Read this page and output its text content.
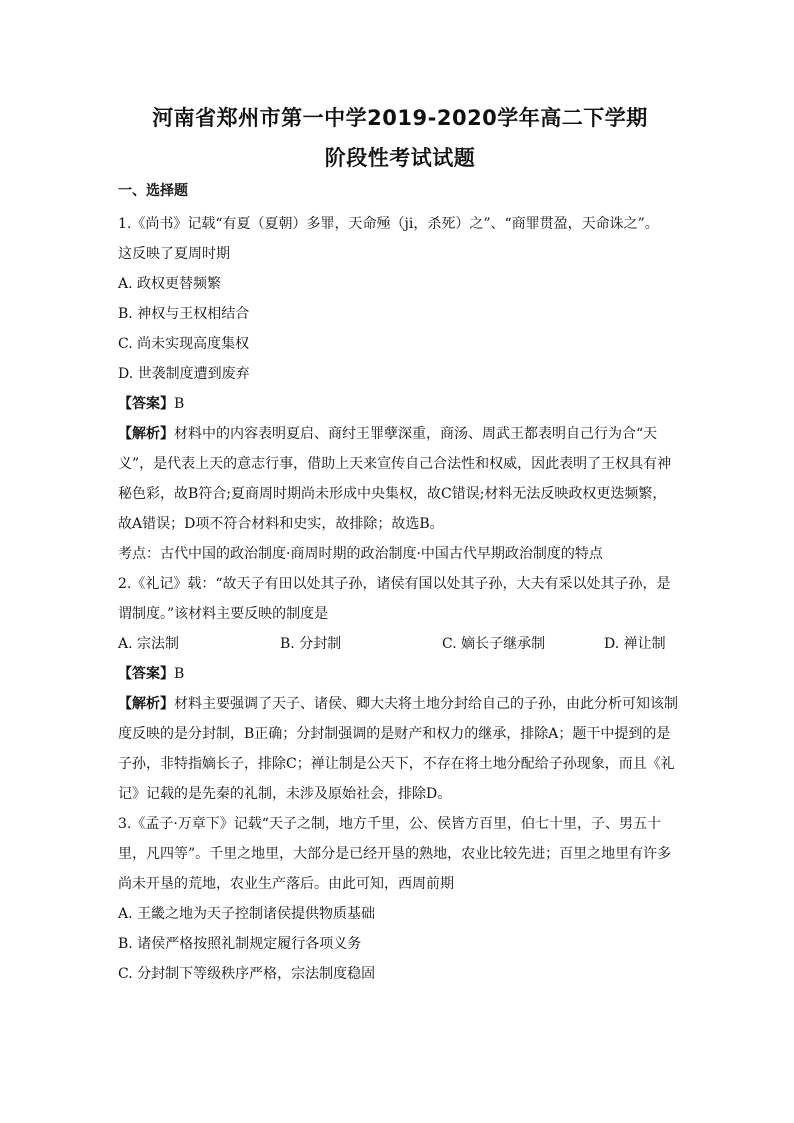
河南省郑州市第一中学2019-2020学年高二下学期
阶段性考试试题
一、选择题

1.《尚书》记载“有夏（夏朝）多罪，天命殛（ji，杀死）之”、“商罪贯盈，天命诛之”。

这反映了夏周时期

A. 政权更替频繁

B. 神权与王权相结合

C. 尚未实现高度集权

D. 世袭制度遭到废弃

【答案】B

【解析】材料中的内容表明夏启、商纣王罪孽深重，商汤、周武王都表明自己行为合“天

义”，是代表上天的意志行事，借助上天来宣传自己合法性和权威，因此表明了王权具有神

秘色彩，故B符合;夏商周时期尚未形成中央集权，故C错误;材料无法反映政权更迭频繁，

故A错误；D项不符合材料和史实，故排除；故选B。

考点：古代中国的政治制度·商周时期的政治制度·中国古代早期政治制度的特点

2.《礼记》载：“故天子有田以处其子孙，诸侯有国以处其子孙，大夫有采以处其子孙，是

谓制度。”该材料主要反映的制度是

A. 宗法制	B. 分封制	C. 嫡长子继承制	D. 禅让制

【答案】B

【解析】材料主要强调了天子、诸侯、卿大夫将土地分封给自己的子孙，由此分析可知该制

度反映的是分封制，B正确；分封制强调的是财产和权力的继承，排除A；题干中提到的是

子孙，非特指嫡长子，排除C；禅让制是公天下，不存在将土地分配给子孙现象，而且《礼

记》记载的是先秦的礼制，未涉及原始社会，排除D。

3.《孟子·万章下》记载“天子之制，地方千里，公、侯皆方百里，伯七十里，子、男五十

里，凡四等”。千里之地里，大部分是已经开垦的熟地，农业比较先进；百里之地里有许多

尚未开垦的荒地，农业生产落后。由此可知，西周前期

A. 王畿之地为天子控制诸侯提供物质基础

B. 诸侯严格按照礼制规定履行各项义务

C. 分封制下等级秩序严格，宗法制度稳固
